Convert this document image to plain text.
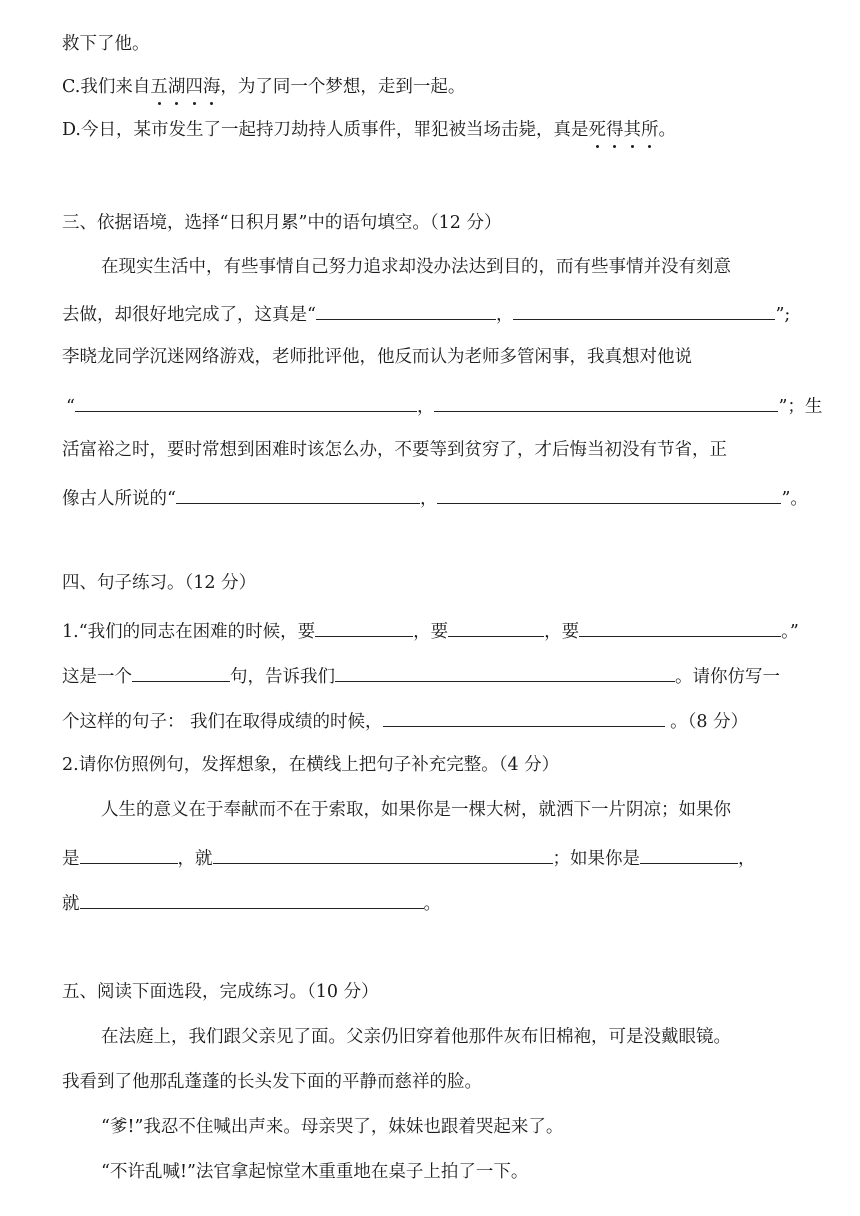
救下了他。
C.我们来自五湖四海，为了同一个梦想，走到一起。
D.今日，某市发生了一起持刀劫持人质事件，罪犯被当场击毙，真是死得其所。
三、依据语境，选择“日积月累”中的语句填空。（12 分）
在现实生活中，有些事情自己努力追求却没办法达到目的，而有些事情并没有刻意
去做，却很好地完成了，这真是“	，	”;
李晓龙同学沉迷网络游戏，老师批评他，他反而认为老师多管闲事，我真想对他说
“	，	”；生
活富裕之时，要时常想到困难时该怎么办，不要等到贫穷了，才后悔当初没有节省，正
像古人所说的“	，	”。
四、句子练习。（12 分）
1.“我们的同志在困难的时候，要	，要	，要	。”
这是一个	句，告诉我们	。请你仿写一
个这样的句子： 我们在取得成绩的时候，	。（8 分）
2.请你仿照例句，发挥想象，在横线上把句子补充完整。（4 分）
人生的意义在于奉献而不在于索取，如果你是一棵大树，就洒下一片阴凉；如果你
是	，就	；如果你是	，
就	。
五、阅读下面选段，完成练习。（10 分）
在法庭上，我们跟父亲见了面。父亲仍旧穿着他那件灰布旧棉袍，可是没戴眼镜。
我看到了他那乱蓬蓬的长头发下面的平静而慈祥的脸。
“爹!”我忍不住喊出声来。母亲哭了，妹妹也跟着哭起来了。
“不许乱喊!”法官拿起惊堂木重重地在桌子上拍了一下。
